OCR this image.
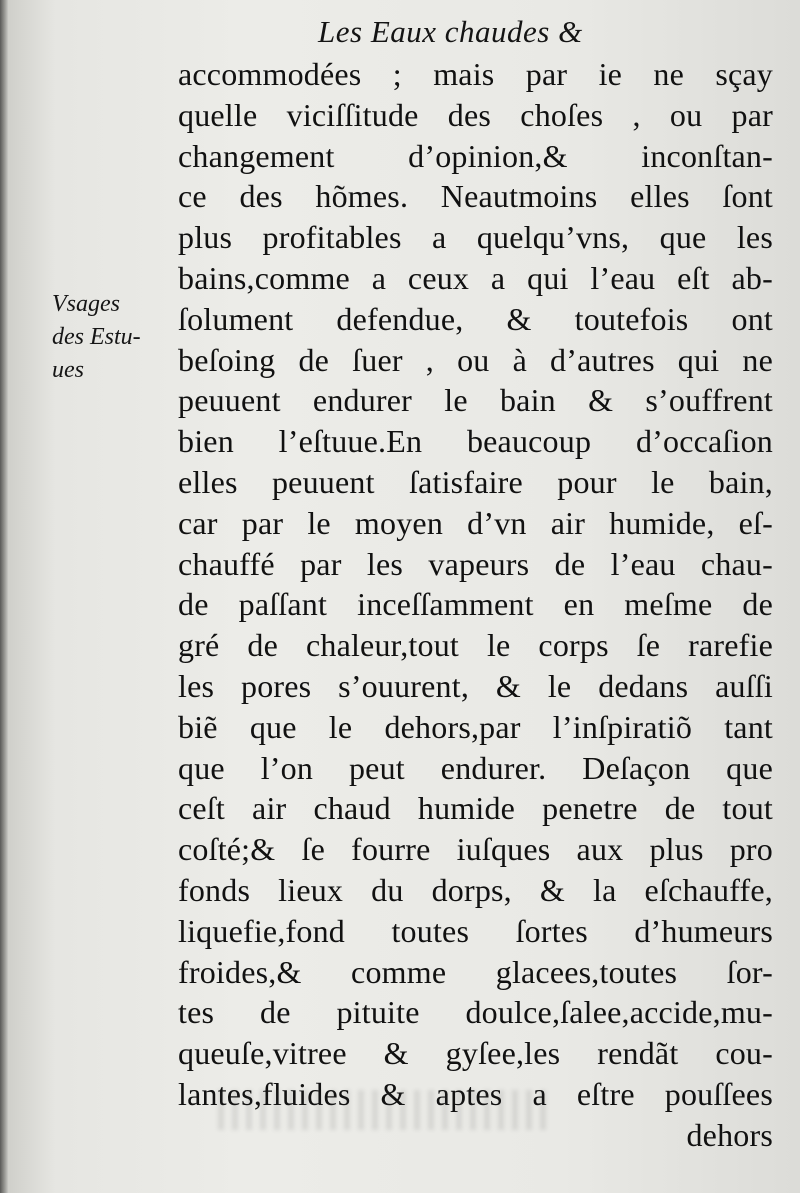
Les Eaux chaudes &
Vsages
des Estu-
ues
accommodées ; mais par ie ne sçay
quelle viciſſitude des choſes , ou par
changement d’opinion,& inconſtan-
ce des hõmes. Neautmoins elles ſont
plus profitables a quelqu’vns, que les
bains,comme a ceux a qui l’eau eſt ab-
ſolument defendue, & toutefois ont
beſoing de ſuer , ou à d’autres qui ne
peuuent endurer le bain & s’ouffrent
bien l’eſtuue.En beaucoup d’occaſion
elles peuuent ſatisfaire pour le bain,
car par le moyen d’vn air humide, eſ-
chauffé par les vapeurs de l’eau chau-
de paſſant inceſſamment en meſme de
gré de chaleur,tout le corps ſe rarefie
les pores s’ouurent, & le dedans auſſi
biẽ que le dehors,par l’inſpiratiõ tant
que l’on peut endurer. Deſaçon que
ceſt air chaud humide penetre de tout
coſté;& ſe fourre iuſques aux plus pro
fonds lieux du dorps, & la eſchauffe,
liquefie,fond toutes ſortes d’humeurs
froides,& comme glacees,toutes ſor-
tes de pituite doulce,ſalee,accide,mu-
queuſe,vitree & gyſee,les rendãt cou-
lantes,fluides & aptes a eſtre pouſſees
dehors
